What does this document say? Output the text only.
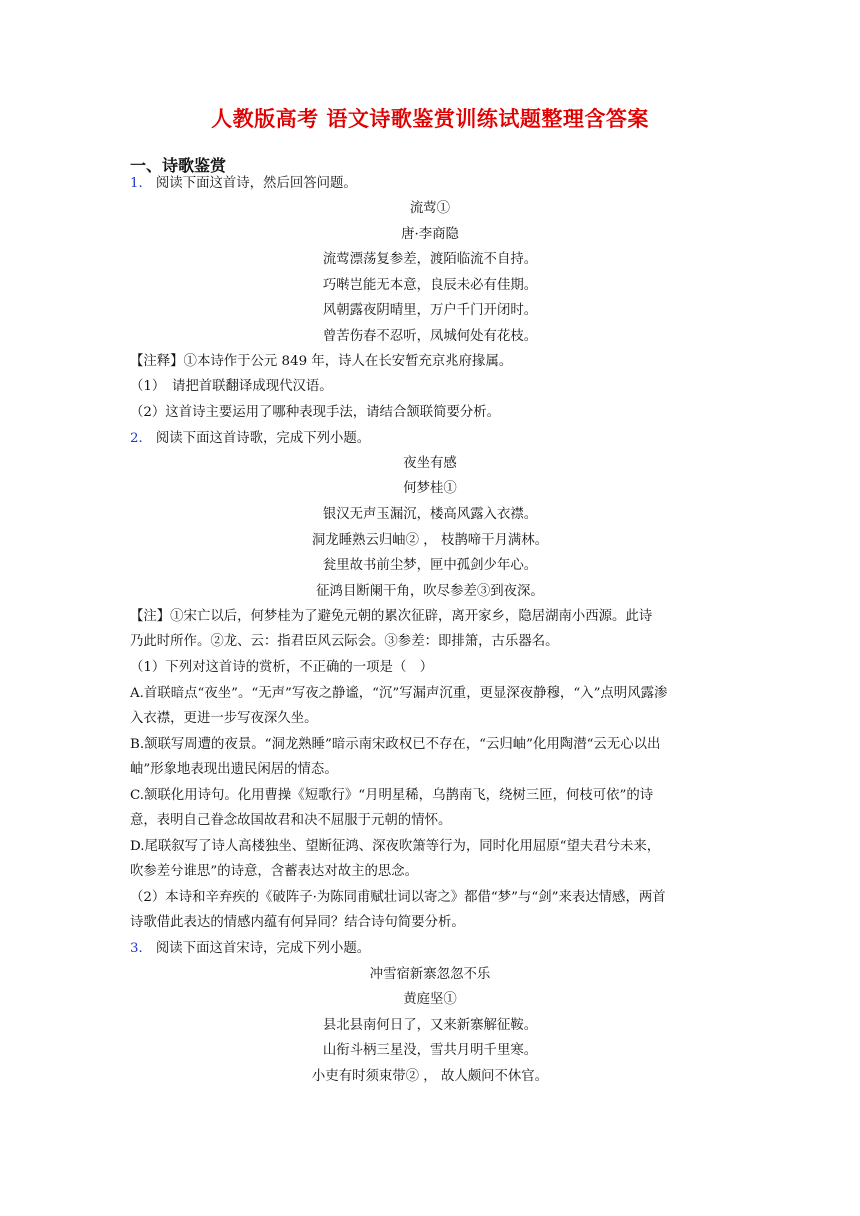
人教版高考 语文诗歌鉴赏训练试题整理含答案
一、诗歌鉴赏
1． 阅读下面这首诗，然后回答问题。
流莺①
唐·李商隐
流莺漂荡复参差，渡陌临流不自持。
巧啭岂能无本意，良辰未必有佳期。
风朝露夜阴晴里，万户千门开闭时。
曾苦伤春不忍听，凤城何处有花枝。
【注释】①本诗作于公元 849 年，诗人在长安暂充京兆府掾属。
（1）　请把首联翻译成现代汉语。
（2）这首诗主要运用了哪种表现手法，请结合颔联简要分析。
2． 阅读下面这首诗歌，完成下列小题。
夜坐有感
何梦桂①
银汉无声玉漏沉，楼高风露入衣襟。
洞龙睡熟云归岫② ， 枝鹊啼干月满林。
瓮里故书前尘梦，匣中孤剑少年心。
征鸿目断阑干角，吹尽参差③到夜深。
【注】①宋亡以后，何梦桂为了避免元朝的累次征辟，离开家乡，隐居湖南小西源。此诗
乃此时所作。②龙、云：指君臣风云际会。③参差：即排箫，古乐器名。
（1）下列对这首诗的赏析，不正确的一项是（　）
A.首联暗点“夜坐”。“无声”写夜之静谧，“沉”写漏声沉重，更显深夜静穆，“入”点明风露渗
入衣襟，更进一步写夜深久坐。
B.颔联写周遭的夜景。“洞龙熟睡”暗示南宋政权已不存在，“云归岫”化用陶潜“云无心以出
岫”形象地表现出遗民闲居的情态。
C.颔联化用诗句。化用曹操《短歌行》“月明星稀，乌鹊南飞，绕树三匝，何枝可依”的诗
意，表明自己眷念故国故君和决不屈服于元朝的情怀。
D.尾联叙写了诗人高楼独坐、望断征鸿、深夜吹箫等行为，同时化用屈原“望夫君兮未来，
吹参差兮谁思”的诗意，含蓄表达对故主的思念。
（2）本诗和辛弃疾的《破阵子·为陈同甫赋壮词以寄之》都借“梦”与“剑”来表达情感，两首
诗歌借此表达的情感内蕴有何异同？结合诗句简要分析。
3． 阅读下面这首宋诗，完成下列小题。
冲雪宿新寨忽忽不乐
黄庭坚①
县北县南何日了，又来新寨解征鞍。
山衔斗柄三星没，雪共月明千里寒。
小吏有时须束带② ， 故人颇问不休官。
